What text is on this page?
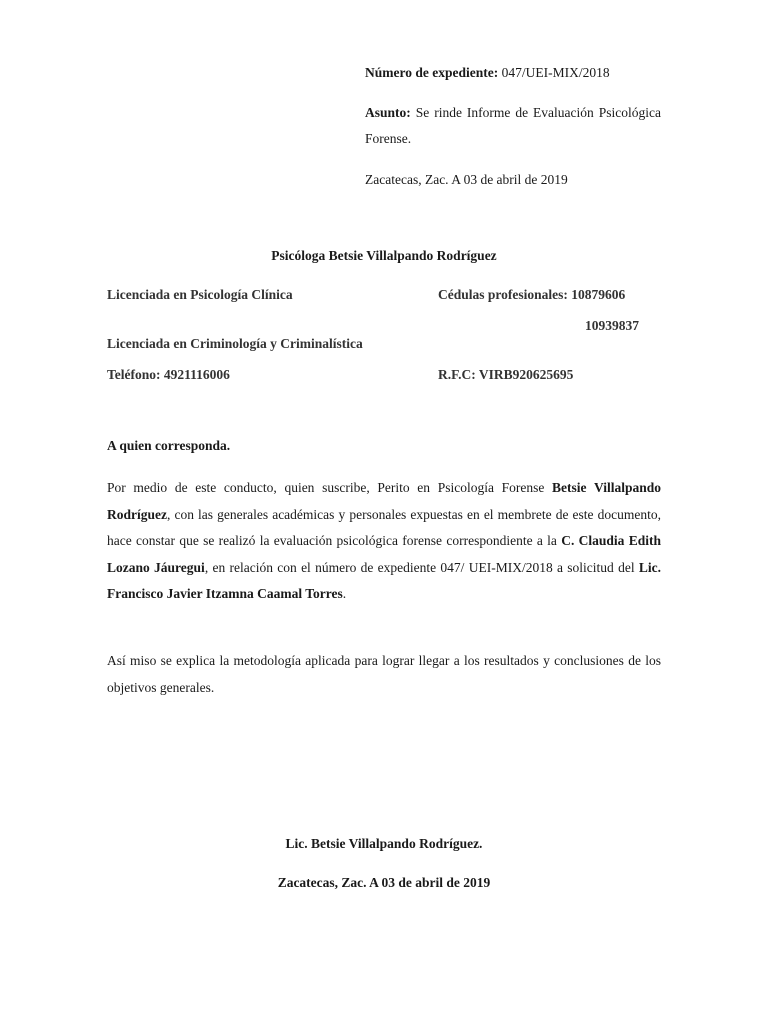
Número de expediente: 047/UEI-MIX/2018
Asunto: Se rinde Informe de Evaluación Psicológica Forense.
Zacatecas, Zac. A 03 de abril de 2019
Psicóloga Betsie Villalpando Rodríguez
Licenciada en Psicología Clínica	Cédulas profesionales: 10879606
10939837
Licenciada en Criminología y Criminalística
Teléfono: 4921116006	R.F.C: VIRB920625695
A quien corresponda.
Por medio de este conducto, quien suscribe, Perito en Psicología Forense Betsie Villalpando Rodríguez, con las generales académicas y personales expuestas en el membrete de este documento, hace constar que se realizó la evaluación psicológica forense correspondiente a la C. Claudia Edith Lozano Jáuregui, en relación con el número de expediente 047/ UEI-MIX/2018 a solicitud del Lic. Francisco Javier Itzamna Caamal Torres.
Así miso se explica la metodología aplicada para lograr llegar a los resultados y conclusiones de los objetivos generales.
Lic. Betsie Villalpando Rodríguez.
Zacatecas, Zac. A 03 de abril de 2019
